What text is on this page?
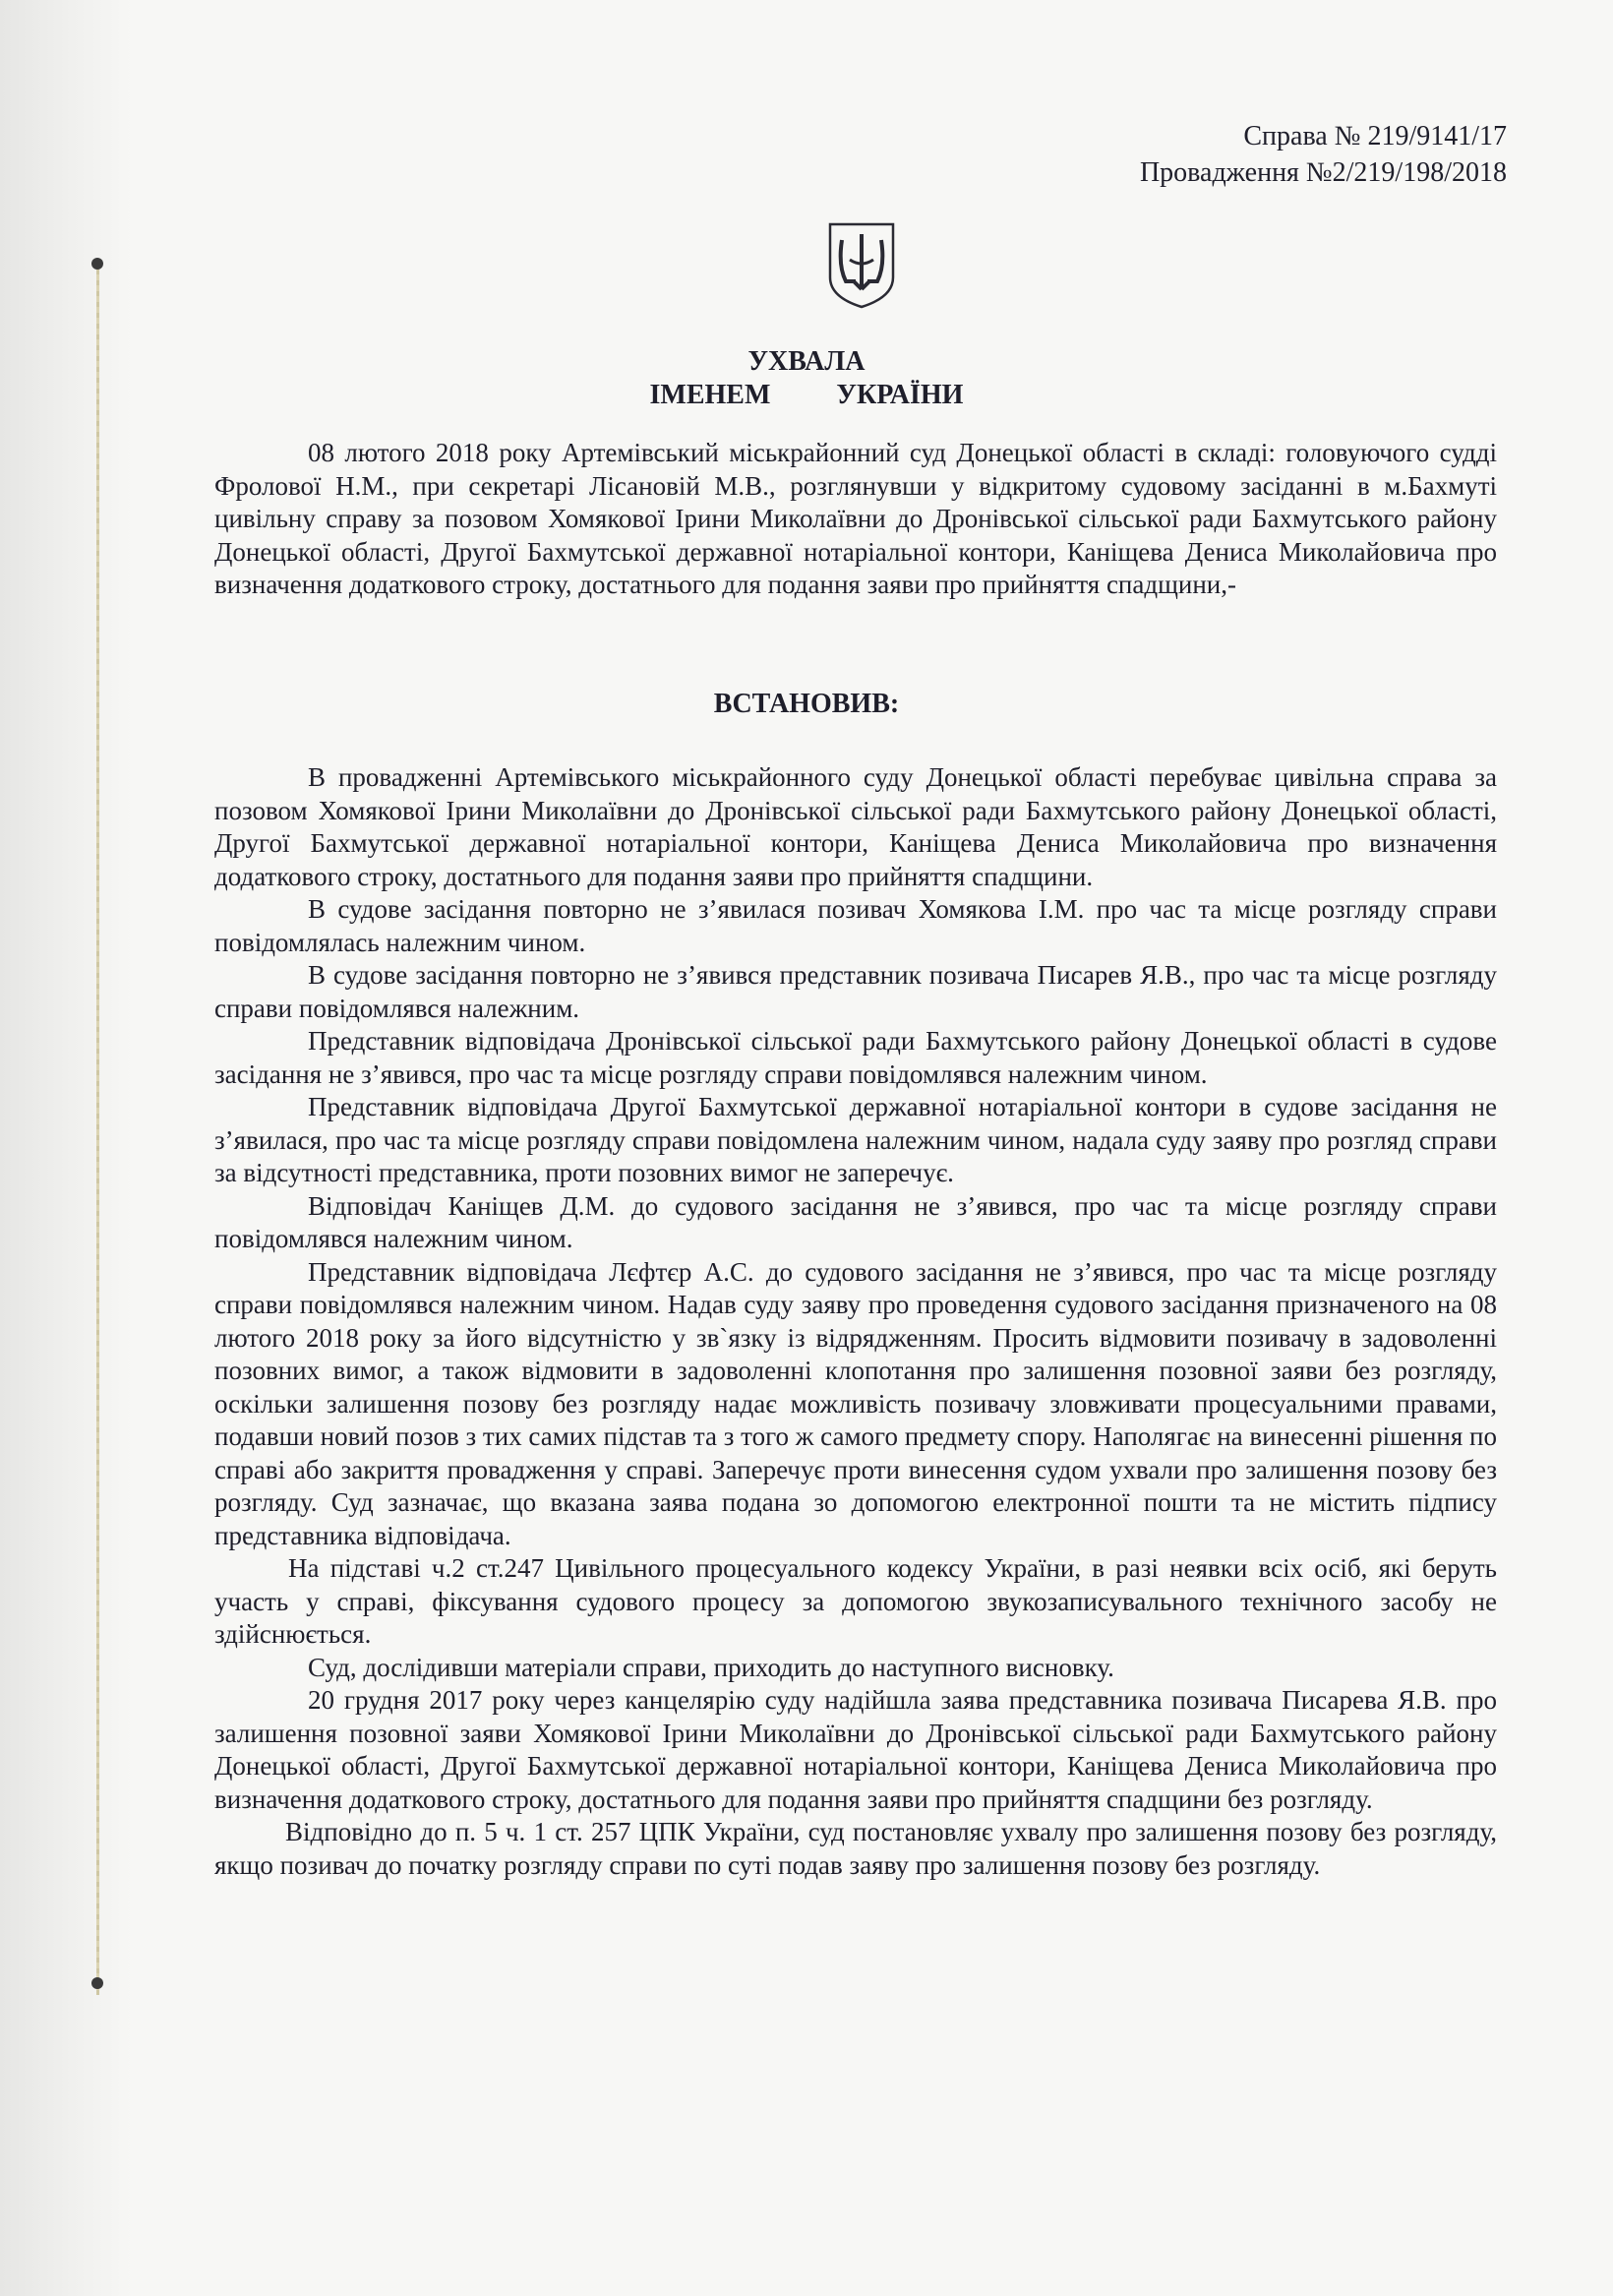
Справа № 219/9141/17
Провадження №2/219/198/2018
УХВАЛА
ІМЕНЕМ УКРАЇНИ

08 лютого 2018 року Артемівський міськрайонний суд Донецької області в складі: головуючого судді Фролової Н.М., при секретарі Лісановій М.В., розглянувши у відкритому судовому засіданні в м.Бахмуті цивільну справу за позовом Хомякової Ірини Миколаївни до Дронівської сільської ради Бахмутського району Донецької області, Другої Бахмутської державної нотаріальної контори, Каніщева Дениса Миколайовича про визначення додаткового строку, достатнього для подання заяви про прийняття спадщини,-

ВСТАНОВИВ:

В провадженні Артемівського міськрайонного суду Донецької області перебуває цивільна справа за позовом Хомякової Ірини Миколаївни до Дронівської сільської ради Бахмутського району Донецької області, Другої Бахмутської державної нотаріальної контори, Каніщева Дениса Миколайовича про визначення додаткового строку, достатнього для подання заяви про прийняття спадщини.

В судове засідання повторно не з’явилася позивач Хомякова І.М. про час та місце розгляду справи повідомлялась належним чином.

В судове засідання повторно не з’явився представник позивача Писарев Я.В., про час та місце розгляду справи повідомлявся належним.

Представник відповідача Дронівської сільської ради Бахмутського району Донецької області в судове засідання не з’явився, про час та місце розгляду справи повідомлявся належним чином.

Представник відповідача Другої Бахмутської державної нотаріальної контори в судове засідання не з’явилася, про час та місце розгляду справи повідомлена належним чином, надала суду заяву про розгляд справи за відсутності представника, проти позовних вимог не заперечує.

Відповідач Каніщев Д.М. до судового засідання не з’явився, про час та місце розгляду справи повідомлявся належним чином.

Представник відповідача Лєфтєр А.С. до судового засідання не з’явився, про час та місце розгляду справи повідомлявся належним чином. Надав суду заяву про проведення судового засідання призначеного на 08 лютого 2018 року за його відсутністю у зв`язку із відрядженням. Просить відмовити позивачу в задоволенні позовних вимог, а також відмовити в задоволенні клопотання про залишення позовної заяви без розгляду, оскільки залишення позову без розгляду надає можливість позивачу зловживати процесуальними правами, подавши новий позов з тих самих підстав та з того ж самого предмету спору. Наполягає на винесенні рішення по справі або закриття провадження у справі. Заперечує проти винесення судом ухвали про залишення позову без розгляду. Суд зазначає, що вказана заява подана зо допомогою електронної пошти та не містить підпису представника відповідача.

На підставі ч.2 ст.247 Цивільного процесуального кодексу України, в разі неявки всіх осіб, які беруть участь у справі, фіксування судового процесу за допомогою звукозаписувального технічного засобу не здійснюється.

Суд, дослідивши матеріали справи, приходить до наступного висновку.

20 грудня 2017 року через канцелярію суду надійшла заява представника позивача Писарева Я.В. про залишення позовної заяви Хомякової Ірини Миколаївни до Дронівської сільської ради Бахмутського району Донецької області, Другої Бахмутської державної нотаріальної контори, Каніщева Дениса Миколайовича про визначення додаткового строку, достатнього для подання заяви про прийняття спадщини без розгляду.

Відповідно до п. 5 ч. 1 ст. 257 ЦПК України, суд постановляє ухвалу про залишення позову без розгляду, якщо позивач до початку розгляду справи по суті подав заяву про залишення позову без розгляду.
